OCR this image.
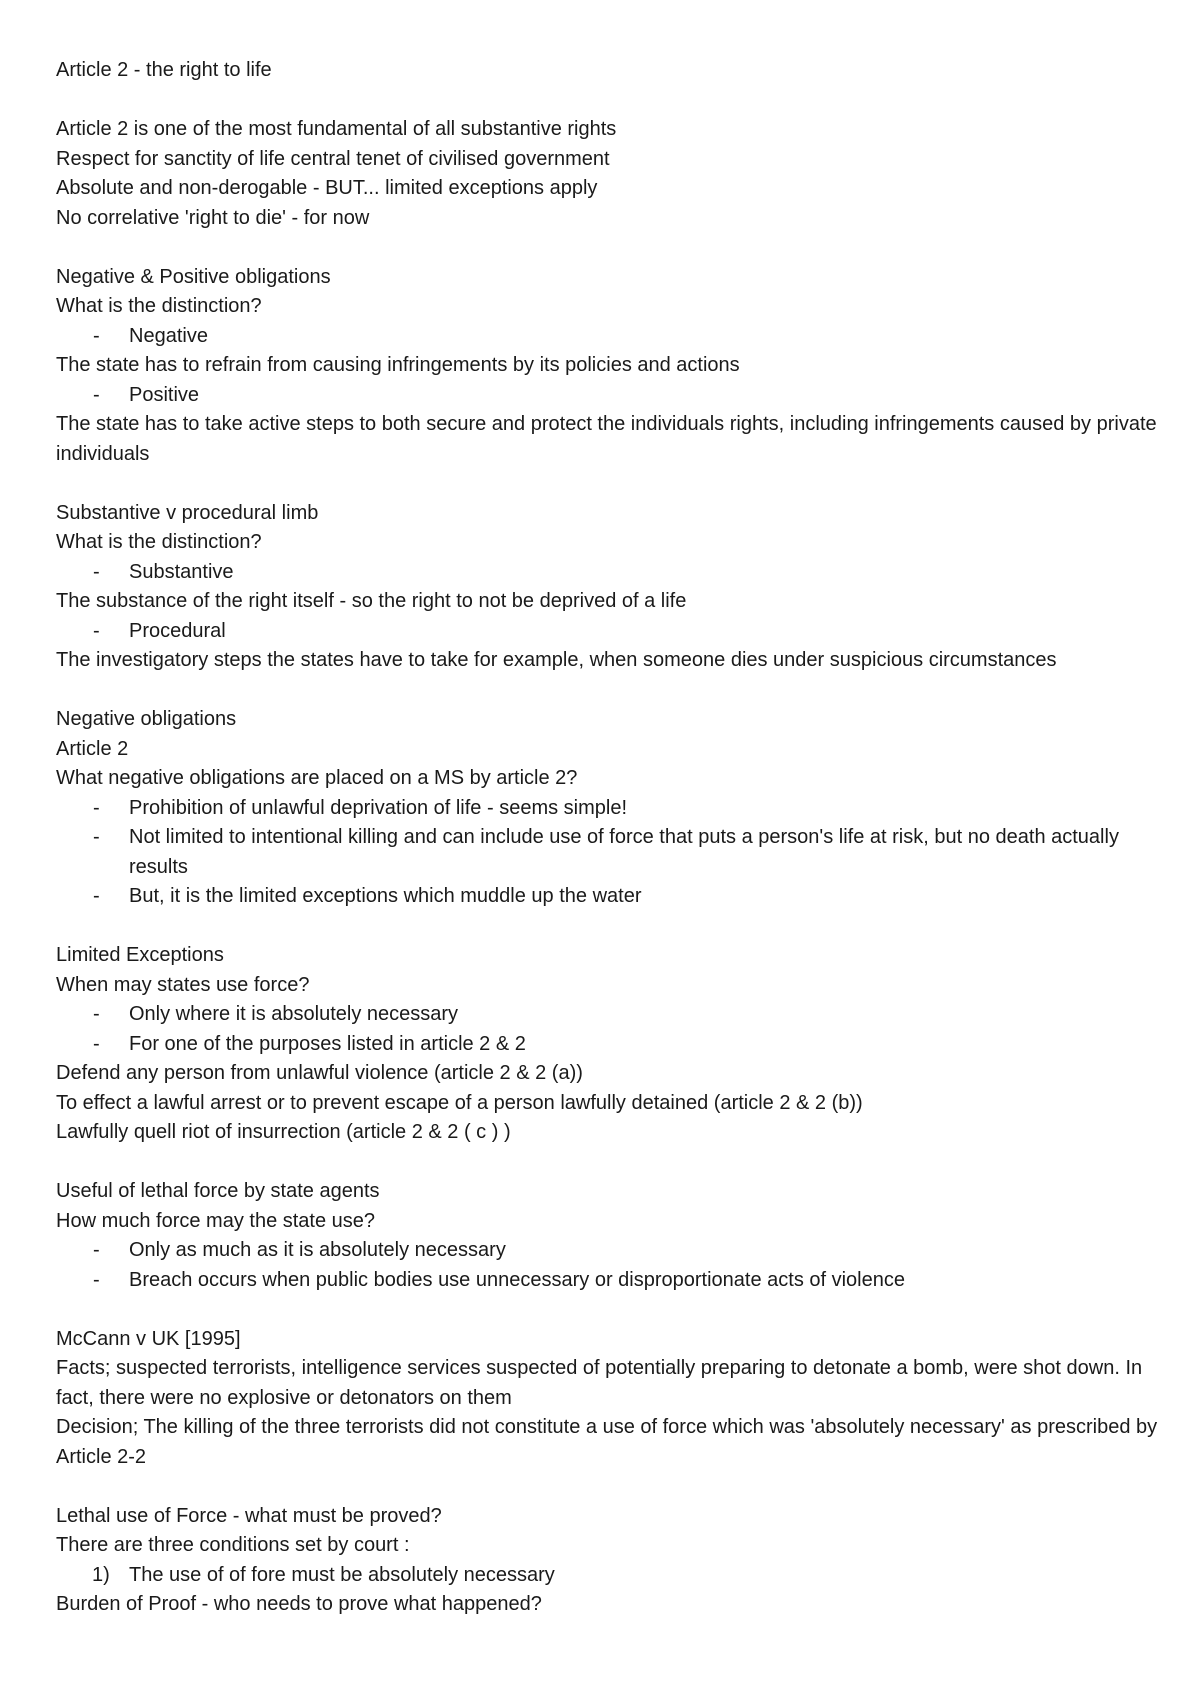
Article 2 - the right to life
Article 2 is one of the most fundamental of all substantive rights
Respect for sanctity of life central tenet of civilised government
Absolute and non-derogable - BUT... limited exceptions apply
No correlative 'right to die' - for now
Negative & Positive obligations
What is the distinction?
- Negative
The state has to refrain from causing infringements by its policies and actions
- Positive
The state has to take active steps to both secure and protect the individuals rights, including infringements caused by private individuals
Substantive v procedural limb
What is the distinction?
- Substantive
The substance of the right itself - so the right to not be deprived of a life
- Procedural
The investigatory steps the states have to take for example, when someone dies under suspicious circumstances
Negative obligations
Article 2
What negative obligations are placed on a MS by article 2?
- Prohibition of unlawful deprivation of life - seems simple!
- Not limited to intentional killing and can include use of force that puts a person's life at risk, but no death actually results
- But, it is the limited exceptions which muddle up the water
Limited Exceptions
When may states use force?
- Only where it is absolutely necessary
- For one of the purposes listed in article 2 & 2
Defend any person from unlawful violence (article 2 & 2 (a))
To effect a lawful arrest or to prevent escape of a person lawfully detained (article 2 & 2 (b))
Lawfully quell riot of insurrection (article 2 & 2 ( c ) )
Useful of lethal force by state agents
How much force may the state use?
- Only as much as it is absolutely necessary
- Breach occurs when public bodies use unnecessary or disproportionate acts of violence
McCann v UK [1995]
Facts; suspected terrorists, intelligence services suspected of potentially preparing to detonate a bomb, were shot down. In fact, there were no explosive or detonators on them
Decision; The killing of the three terrorists did not constitute a use of force which was 'absolutely necessary' as prescribed by Article 2-2
Lethal use of Force - what must be proved?
There are three conditions set by court :
1) The use of of fore must be absolutely necessary
Burden of Proof - who needs to prove what happened?
